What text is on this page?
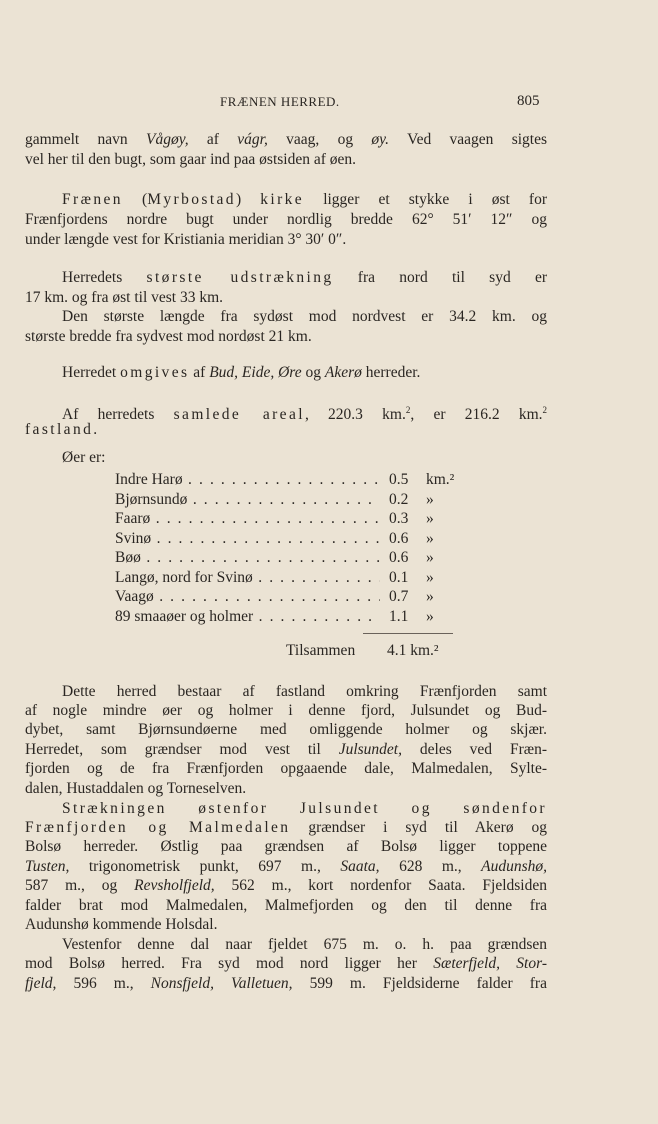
FRÆNEN HERRED.	805
gammelt navn Vågøy, af vágr, vaag, og øy. Ved vaagen sigtes
vel her til den bugt, som gaar ind paa østsiden af øen.
Frænen (Myrbostad) kirke ligger et stykke i øst for
Frænfjordens nordre bugt under nordlig bredde 62° 51′ 12″ og
under længde vest for Kristiania meridian 3° 30′ 0″.
Herredets største udstrækning fra nord til syd er
17 km. og fra øst til vest 33 km.
Den største længde fra sydøst mod nordvest er 34.2 km. og
største bredde fra sydvest mod nordøst 21 km.
Herredet omgives af Bud, Eide, Øre og Akerø herreder.
Af herredets samlede areal, 220.3 km.$^2$, er 216.2 km.$^2$
fastland.
Øer er:
Dette herred bestaar af fastland omkring Frænfjorden samt
af nogle mindre øer og holmer i denne fjord, Julsundet og Bud-
dybet, samt Bjørnsundøerne med omliggende holmer og skjær.
Herredet, som grændser mod vest til Julsundet, deles ved Fræn-
fjorden og de fra Frænfjorden opgaaende dale, Malmedalen, Sylte-
dalen, Hustaddalen og Torneselven.
Strækningen østenfor Julsundet og søndenfor
Frænfjorden og Malmedalen grændser i syd til Akerø og
Bolsø herreder. Østlig paa grændsen af Bolsø ligger toppene
Tusten, trigonometrisk punkt, 697 m., Saata, 628 m., Audunshø,
587 m., og Revsholfjeld, 562 m., kort nordenfor Saata. Fjeldsiden
falder brat mod Malmedalen, Malmefjorden og den til denne fra
Audunshø kommende Holsdal.
Vestenfor denne dal naar fjeldet 675 m. o. h. paa grændsen
mod Bolsø herred. Fra syd mod nord ligger her Sæterfjeld, Stor-
fjeld, 596 m., Nonsfjeld, Valletuen, 599 m. Fjeldsiderne falder fra
Indre Harø . . .	0.5 km.²
Bjørnsundø . . .	0.2 »
Faarø . . .	0.3 »
Svinø . . .	0.6 »
Bøø . . .	0.6 »
Langø, nord for Svinø . . .	0.1 »
Vaagø . . .	0.7 »
89 smaaøer og holmer . . .	1.1 »
Tilsammen 4.1 km.²
